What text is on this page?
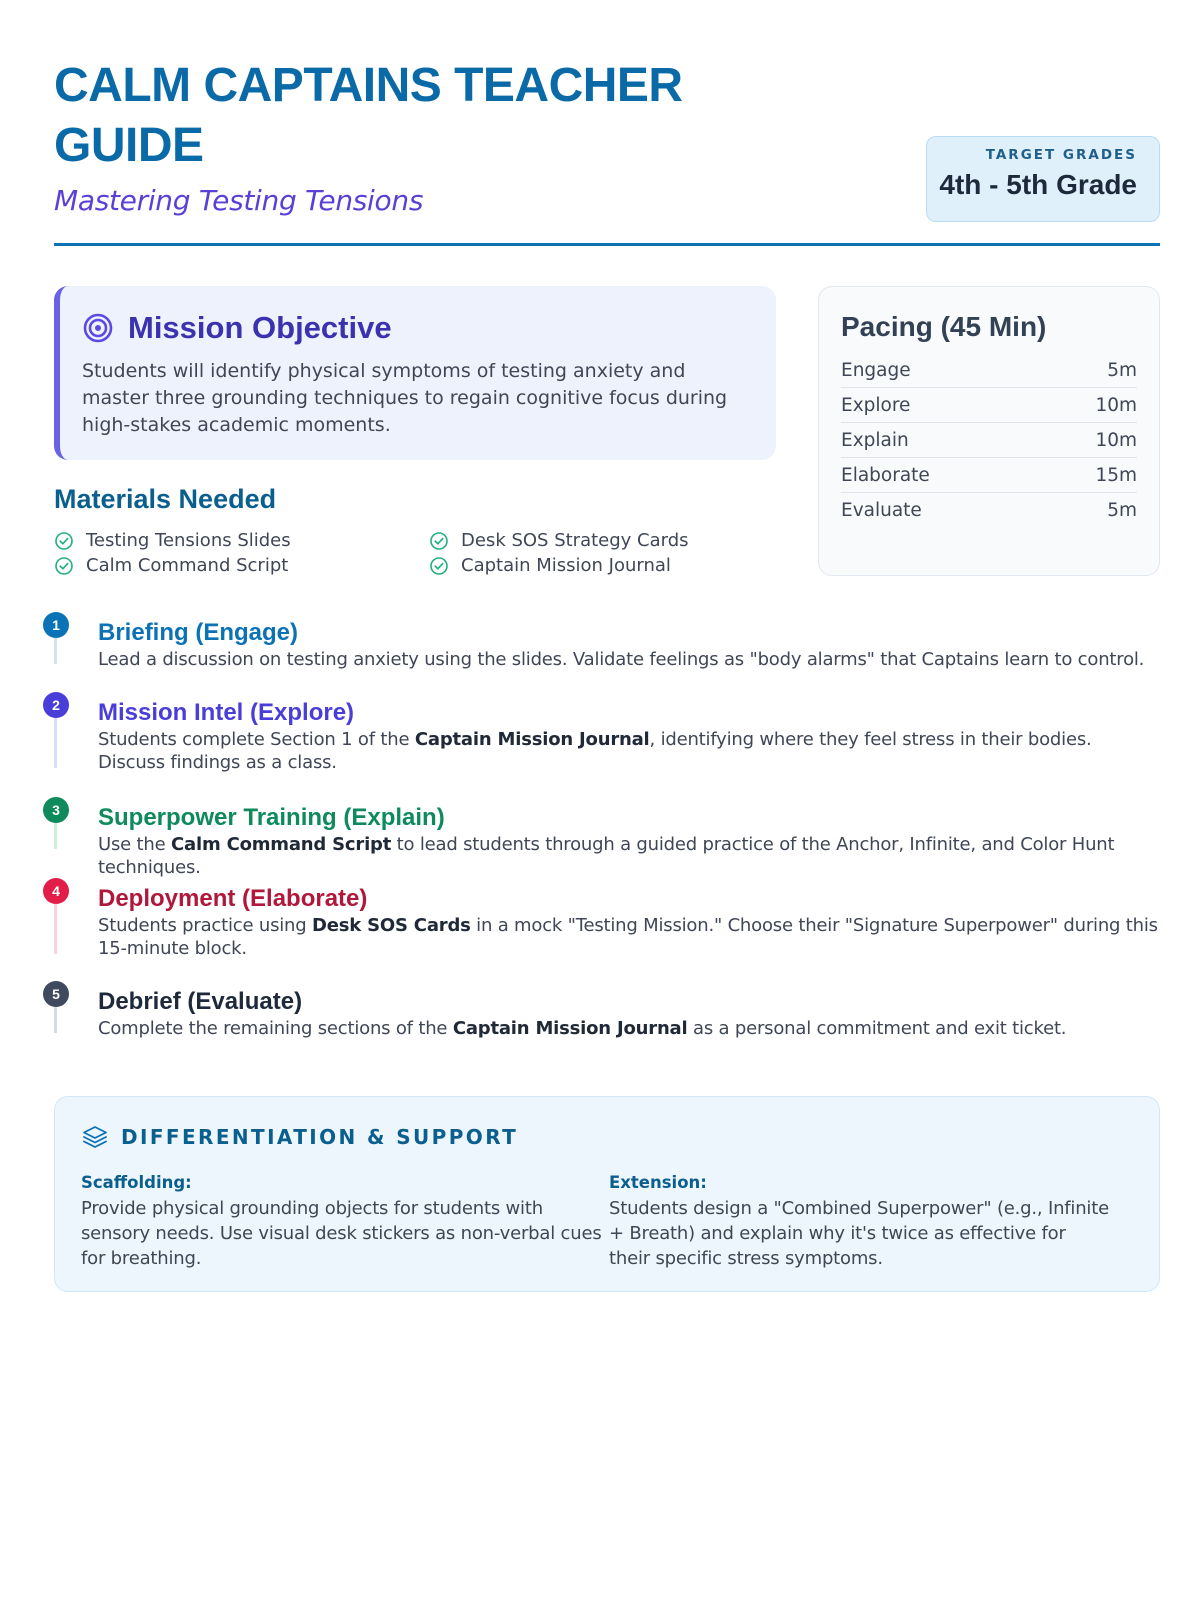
CALM CAPTAINS TEACHER GUIDE
Mastering Testing Tensions
TARGET GRADES
4th - 5th Grade
Mission Objective

Students will identify physical symptoms of testing anxiety and master three grounding techniques to regain cognitive focus during high-stakes academic moments.

Materials Needed
Testing Tensions Slides	Desk SOS Strategy Cards
Calm Command Script	Captain Mission Journal
Pacing (45 Min)
Engage	5m
Explore	10m
Explain	10m
Elaborate	15m
Evaluate	5m
1	Briefing (Engage)

Lead a discussion on testing anxiety using the slides. Validate feelings as "body alarms" that Captains learn to control.

2	Mission Intel (Explore)

Students complete Section 1 of the Captain Mission Journal, identifying where they feel stress in their bodies. Discuss findings as a class.

3	Superpower Training (Explain)

Use the Calm Command Script to lead students through a guided practice of the Anchor, Infinite, and Color Hunt techniques.

4	Deployment (Elaborate)

Students practice using Desk SOS Cards in a mock "Testing Mission." Choose their "Signature Superpower" during this 15-minute block.

5	Debrief (Evaluate)

Complete the remaining sections of the Captain Mission Journal as a personal commitment and exit ticket.

DIFFERENTIATION & SUPPORT
Scaffolding:

Provide physical grounding objects for students with sensory needs. Use visual desk stickers as non-verbal cues for breathing.

Extension:

Students design a "Combined Superpower" (e.g., Infinite + Breath) and explain why it's twice as effective for their specific stress symptoms.
